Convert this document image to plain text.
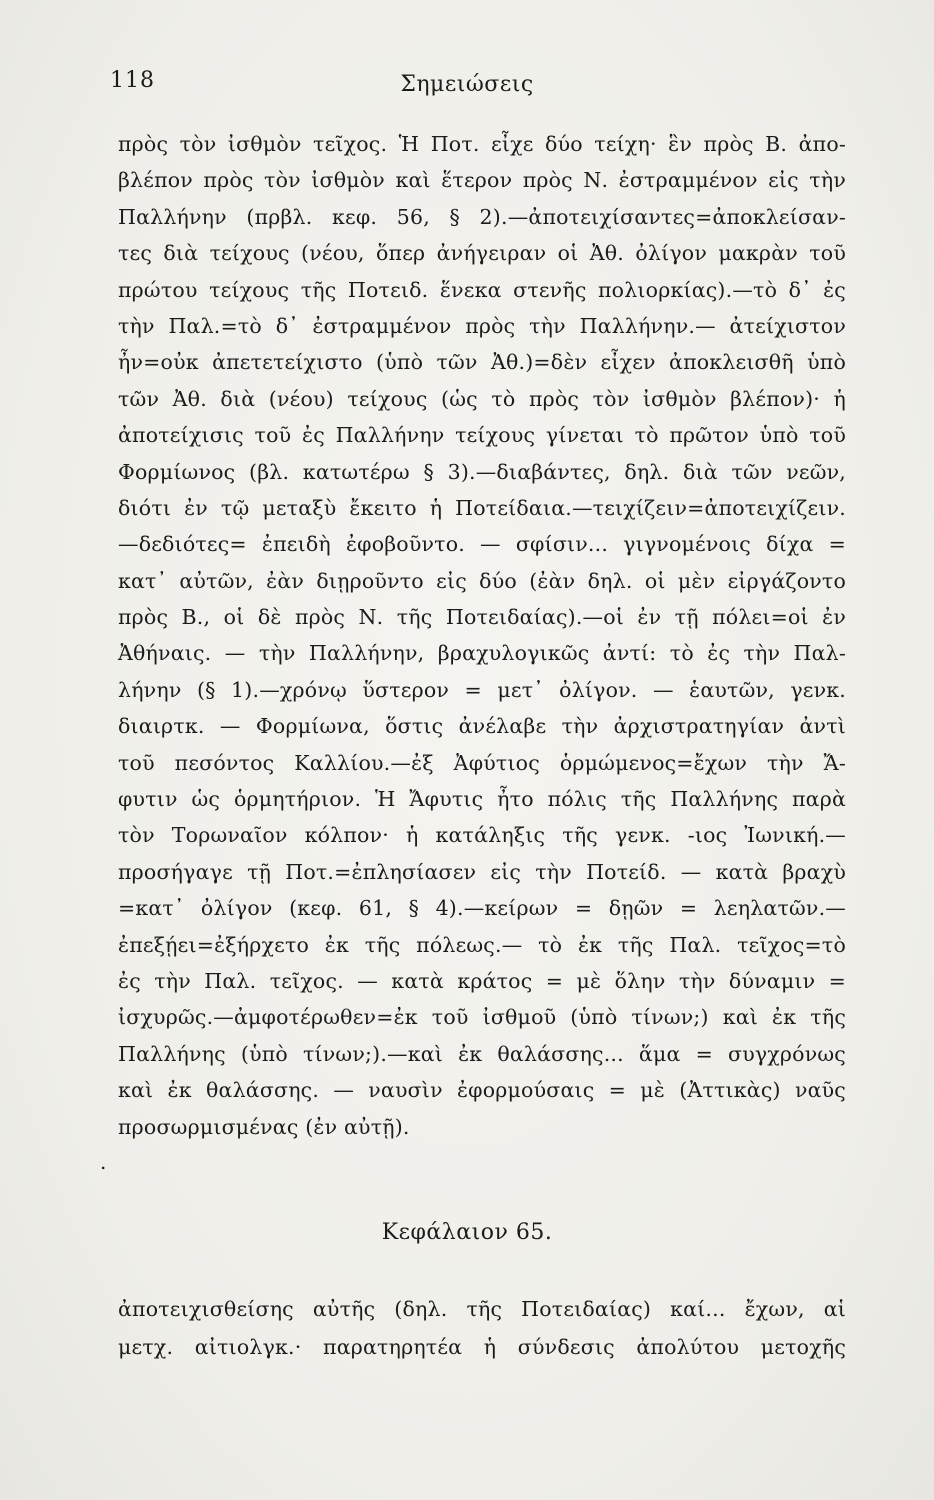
118	Σημειώσεις
πρὸς τὸν ἰσθμὸν τεῖχος. Ἡ Ποτ. εἶχε δύο τείχη· ἓν πρὸς Β. ἀπο-
βλέπον πρὸς τὸν ἰσθμὸν καὶ ἕτερον πρὸς Ν. ἐστραμμένον εἰς τὴν
Παλλήνην (πρβλ. κεφ. 56, § 2).—ἀποτειχίσαντες=ἀποκλείσαν-
τες διὰ τείχους (νέου, ὅπερ ἀνήγειραν οἱ Ἀθ. ὀλίγον μακρὰν τοῦ
πρώτου τείχους τῆς Ποτειδ. ἕνεκα στενῆς πολιορκίας).—τὸ δ᾽ ἐς
τὴν Παλ.=τὸ δ᾽ ἐστραμμένον πρὸς τὴν Παλλήνην.— ἀτείχιστον
ἦν=οὐκ ἀπετετείχιστο (ὑπὸ τῶν Ἀθ.)=δὲν εἶχεν ἀποκλεισθῆ ὑπὸ
τῶν Ἀθ. διὰ (νέου) τείχους (ὡς τὸ πρὸς τὸν ἰσθμὸν βλέπον)· ἡ
ἀποτείχισις τοῦ ἐς Παλλήνην τείχους γίνεται τὸ πρῶτον ὑπὸ τοῦ
Φορμίωνος (βλ. κατωτέρω § 3).—διαβάντες, δηλ. διὰ τῶν νεῶν,
διότι ἐν τῷ μεταξὺ ἔκειτο ἡ Ποτείδαια.—τειχίζειν=ἀποτειχίζειν.
—δεδιότες= ἐπειδὴ ἐφοβοῦντο. — σφίσιν... γιγνομένοις δίχα =
κατ᾽ αὐτῶν, ἐὰν διῃροῦντο εἰς δύο (ἐὰν δηλ. οἱ μὲν εἰργάζοντο
πρὸς Β., οἱ δὲ πρὸς Ν. τῆς Ποτειδαίας).—οἱ ἐν τῇ πόλει=οἱ ἐν
Ἀθήναις. — τὴν Παλλήνην, βραχυλογικῶς ἀντί: τὸ ἐς τὴν Παλ-
λήνην (§ 1).—χρόνῳ ὕστερον = μετ᾽ ὀλίγον. — ἑαυτῶν, γενκ.
διαιρτκ. — Φορμίωνα, ὅστις ἀνέλαβε τὴν ἀρχιστρατηγίαν ἀντὶ
τοῦ πεσόντος Καλλίου.—ἐξ Ἀφύτιος ὁρμώμενος=ἔχων τὴν Ἄ-
φυτιν ὡς ὁρμητήριον. Ἡ Ἄφυτις ἦτο πόλις τῆς Παλλήνης παρὰ
τὸν Τορωναῖον κόλπον· ἡ κατάληξις τῆς γενκ. -ιος Ἰωνική.—
προσήγαγε τῇ Ποτ.=ἐπλησίασεν εἰς τὴν Ποτείδ. — κατὰ βραχὺ
=κατ᾽ ὀλίγον (κεφ. 61, § 4).—κείρων = δῃῶν = λεηλατῶν.—
ἐπεξῄει=ἐξήρχετο ἐκ τῆς πόλεως.— τὸ ἐκ τῆς Παλ. τεῖχος=τὸ
ἐς τὴν Παλ. τεῖχος. — κατὰ κράτος = μὲ ὅλην τὴν δύναμιν =
ἰσχυρῶς.—ἀμφοτέρωθεν=ἐκ τοῦ ἰσθμοῦ (ὑπὸ τίνων;) καὶ ἐκ τῆς
Παλλήνης (ὑπὸ τίνων;).—καὶ ἐκ θαλάσσης... ἅμα = συγχρόνως
καὶ ἐκ θαλάσσης. — ναυσὶν ἐφορμούσαις = μὲ (Ἀττικὰς) ναῦς
προσωρμισμένας (ἐν αὐτῇ).
.
Κεφάλαιον 65.
ἀποτειχισθείσης αὐτῆς (δηλ. τῆς Ποτειδαίας) καί... ἔχων, αἱ
μετχ. αἰτιολγκ.· παρατηρητέα ἡ σύνδεσις ἀπολύτου μετοχῆς
